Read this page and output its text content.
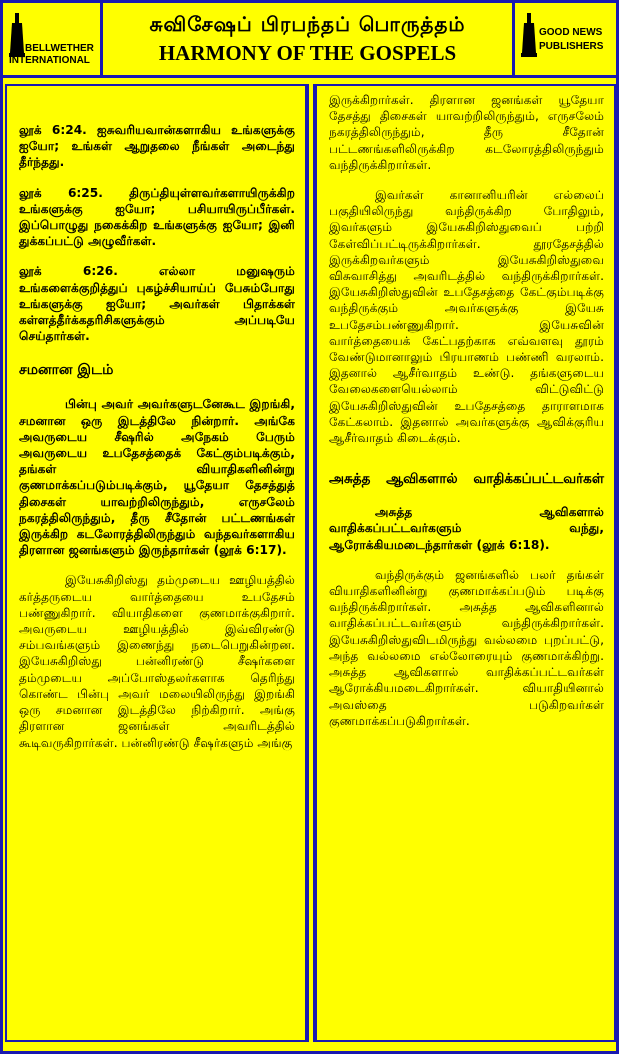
BELLWETHER
INTERNATIONAL
சுவிசேஷப் பிரபந்தப் பொருத்தம்
HARMONY OF THE GOSPELS
GOOD NEWS
PUBLISHERS

லூக் 6:24. ஐசுவரியவான்களாகிய உங்களுக்கு ஐயோ; உங்கள் ஆறுதலை நீங்கள் அடைந்து தீர்ந்தது.

லூக் 6:25. திருப்தியுள்ளவர்களாயிருக்கிற உங்களுக்கு ஐயோ; பசியாயிருப்பீர்கள். இப்பொழுது நகைக்கிற உங்களுக்கு ஐயோ; இனி துக்கப்பட்டு அழுவீர்கள்.

லூக் 6:26. எல்லா மனுஷரும் உங்களைக்குறித்துப் புகழ்ச்சியாய்ப் பேசும்போது உங்களுக்கு ஐயோ; அவர்கள் பிதாக்கள் கள்ளத்தீர்க்கதரிசிகளுக்கும் அப்படியே செய்தார்கள்.

சமனான இடம்

பின்பு அவர் அவர்களுடனேகூட இறங்கி, சமனான ஒரு இடத்திலே நின்றார். அங்கே அவருடைய சீஷரில் அநேகம் பேரும் அவருடைய உபதேசத்தைக் கேட்கும்படிக்கும், தங்கள் வியாதிகளினின்று குணமாக்கப்படும்படிக்கும், யூதேயா தேசத்துத் திசைகள் யாவற்றிலிருந்தும், எருசலேம் நகரத்திலிருந்தும், தீரு சீதோன் பட்டணங்கள் இருக்கிற கடலோரத்திலிருந்தும் வந்தவர்களாகிய திரளான ஜனங்களும் இருந்தார்கள் (லூக் 6:17).

இயேசுகிறிஸ்து தம்முடைய ஊழியத்தில் கர்த்தருடைய வார்த்தையை உபதேசம் பண்ணுகிறார். வியாதிகளை குணமாக்குகிறார். அவருடைய ஊழியத்தில் இவ்விரண்டு சம்பவங்களும் இணைந்து நடைபெறுகின்றன. இயேசுகிறிஸ்து பன்னிரண்டு சீஷர்களை தம்முடைய அப்போஸ்தலர்களாக தெரிந்து கொண்ட பின்பு அவர் மலையிலிருந்து இறங்கி ஒரு சமனான இடத்திலே நிற்கிறார். அங்கு திரளான ஜனங்கள் அவரிடத்தில் கூடிவருகிறார்கள். பன்னிரண்டு சீஷர்களும் அங்கு

இருக்கிறார்கள். திரளான ஜனங்கள் யூதேயா தேசத்து திசைகள் யாவற்றிலிருந்தும், எருசலேம் நகரத்திலிருந்தும், தீரு சீதோன் பட்டணங்களிலிருக்கிற கடலோரத்திலிருந்தும் வந்திருக்கிறார்கள்.

இவர்கள் கானானியரின் எல்லைப் பகுதியிலிருந்து வந்திருக்கிற போதிலும், இவர்களும் இயேசுகிறிஸ்துவைப் பற்றி கேள்விப்பட்டிருக்கிறார்கள். தூரதேசத்தில் இருக்கிறவர்களும் இயேசுகிறிஸ்துவை விசுவாசித்து அவரிடத்தில் வந்திருக்கிறார்கள். இயேசுகிறிஸ்துவின் உபதேசத்தை கேட்கும்படிக்கு வந்திருக்கும் அவர்களுக்கு இயேசு உபதேசம்பண்ணுகிறார். இயேசுவின் வார்த்தையைக் கேட்பதற்காக எவ்வளவு தூரம் வேண்டுமானாலும் பிரயாணம் பண்ணி வரலாம். இதனால் ஆசீர்வாதம் உண்டு. தங்களுடைய வேலைகளையெல்லாம் விட்டுவிட்டு இயேசுகிறிஸ்துவின் உபதேசத்தை தாராளமாக கேட்கலாம். இதனால் அவர்களுக்கு ஆவிக்குரிய ஆசீர்வாதம் கிடைக்கும்.

அசுத்த ஆவிகளால் வாதிக்கப்பட்டவர்கள்

அசுத்த ஆவிகளால் வாதிக்கப்பட்டவர்களும் வந்து, ஆரோக்கியமடைந்தார்கள் (லூக் 6:18).

வந்திருக்கும் ஜனங்களில் பலர் தங்கள் வியாதிகளினின்று குணமாக்கப்படும் படிக்கு வந்திருக்கிறார்கள். அசுத்த ஆவிகளினால் வாதிக்கப்பட்டவர்களும் வந்திருக்கிறார்கள். இயேசுகிறிஸ்துவிடமிருந்து வல்லமை புறப்பட்டு, அந்த வல்லமை எல்லோரையும் குணமாக்கிற்று. அசுத்த ஆவிகளால் வாதிக்கப்பட்டவர்கள் ஆரோக்கியமடைகிறார்கள். வியாதியினால் அவஸ்தை படுகிறவர்கள் குணமாக்கப்படுகிறார்கள்.
